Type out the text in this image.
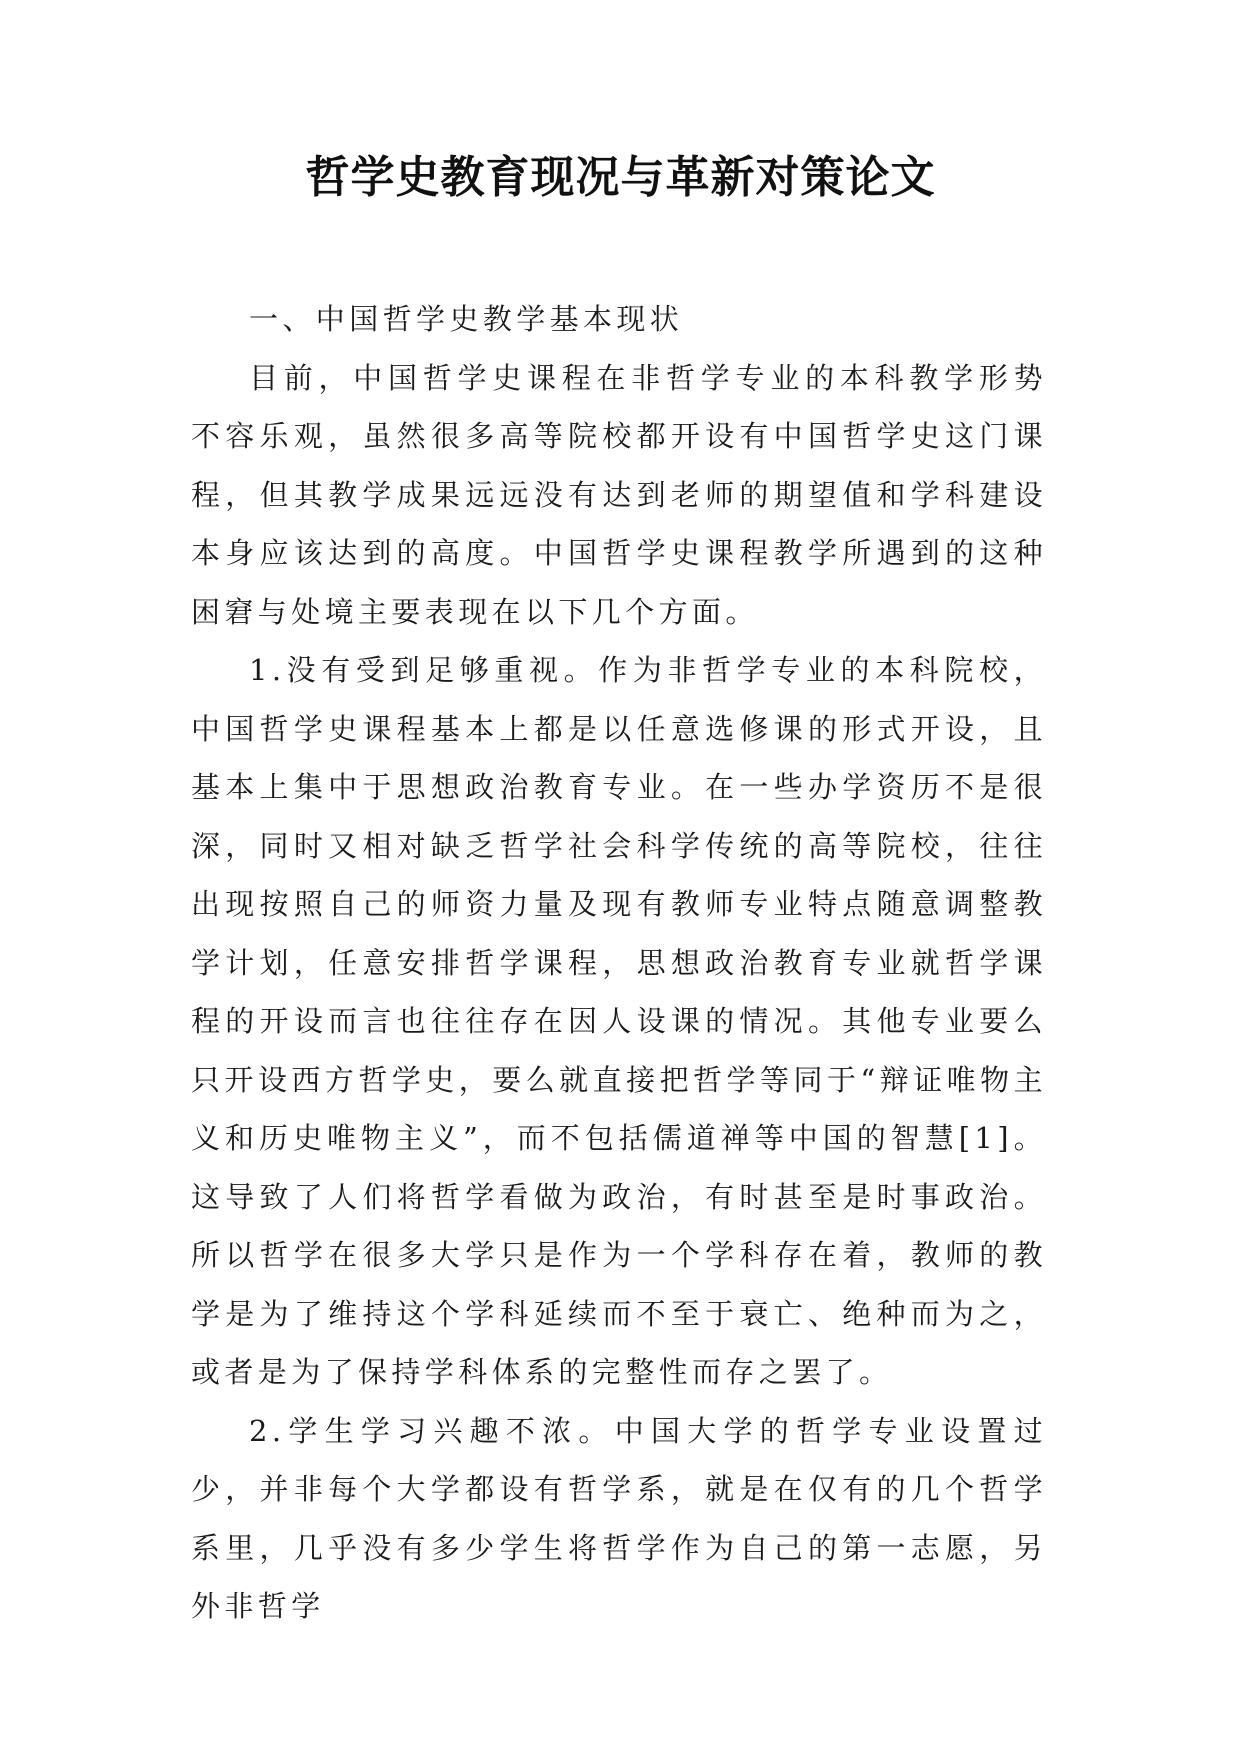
哲学史教育现况与革新对策论文

一、中国哲学史教学基本现状

目前，中国哲学史课程在非哲学专业的本科教学形势不容乐观，虽然很多高等院校都开设有中国哲学史这门课程，但其教学成果远远没有达到老师的期望值和学科建设本身应该达到的高度。中国哲学史课程教学所遇到的这种困窘与处境主要表现在以下几个方面。

1.没有受到足够重视。作为非哲学专业的本科院校，中国哲学史课程基本上都是以任意选修课的形式开设，且基本上集中于思想政治教育专业。在一些办学资历不是很深，同时又相对缺乏哲学社会科学传统的高等院校，往往出现按照自己的师资力量及现有教师专业特点随意调整教学计划，任意安排哲学课程，思想政治教育专业就哲学课程的开设而言也往往存在因人设课的情况。其他专业要么只开设西方哲学史，要么就直接把哲学等同于“辩证唯物主义和历史唯物主义”，而不包括儒道禅等中国的智慧[1]。这导致了人们将哲学看做为政治，有时甚至是时事政治。所以哲学在很多大学只是作为一个学科存在着，教师的教学是为了维持这个学科延续而不至于衰亡、绝种而为之，或者是为了保持学科体系的完整性而存之罢了。

2.学生学习兴趣不浓。中国大学的哲学专业设置过少，并非每个大学都设有哲学系，就是在仅有的几个哲学系里，几乎没有多少学生将哲学作为自己的第一志愿，另外非哲学
